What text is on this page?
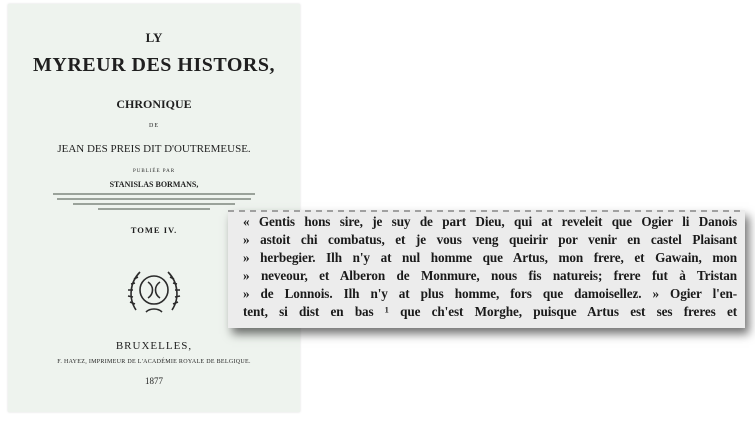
LY
MYREUR DES HISTORS,
CHRONIQUE
DE
JEAN DES PREIS DIT D'OUTREMEUSE.
PUBLIÉE PAR
STANISLAS BORMANS,
TOME IV.
BRUXELLES,
F. HAYEZ, IMPRIMEUR DE L'ACADÉMIE ROYALE DE BELGIQUE.
1877
« Gentis hons sire, je suy de part Dieu, qui at reveleit que Ogier li Danois
» astoit chi combatus, et je vous veng queirir por venir en castel Plaisant
» herbegier. Ilh n'y at nul homme que Artus, mon frere, et Gawain, mon
» neveour, et Alberon de Monmure, nous fis natureis; frere fut à Tristan
» de Lonnois. Ilh n'y at plus homme, fors que damoisellez. » Ogier l'en-
tent, si dist en bas ¹ que ch'est Morghe, puisque Artus est ses freres et
